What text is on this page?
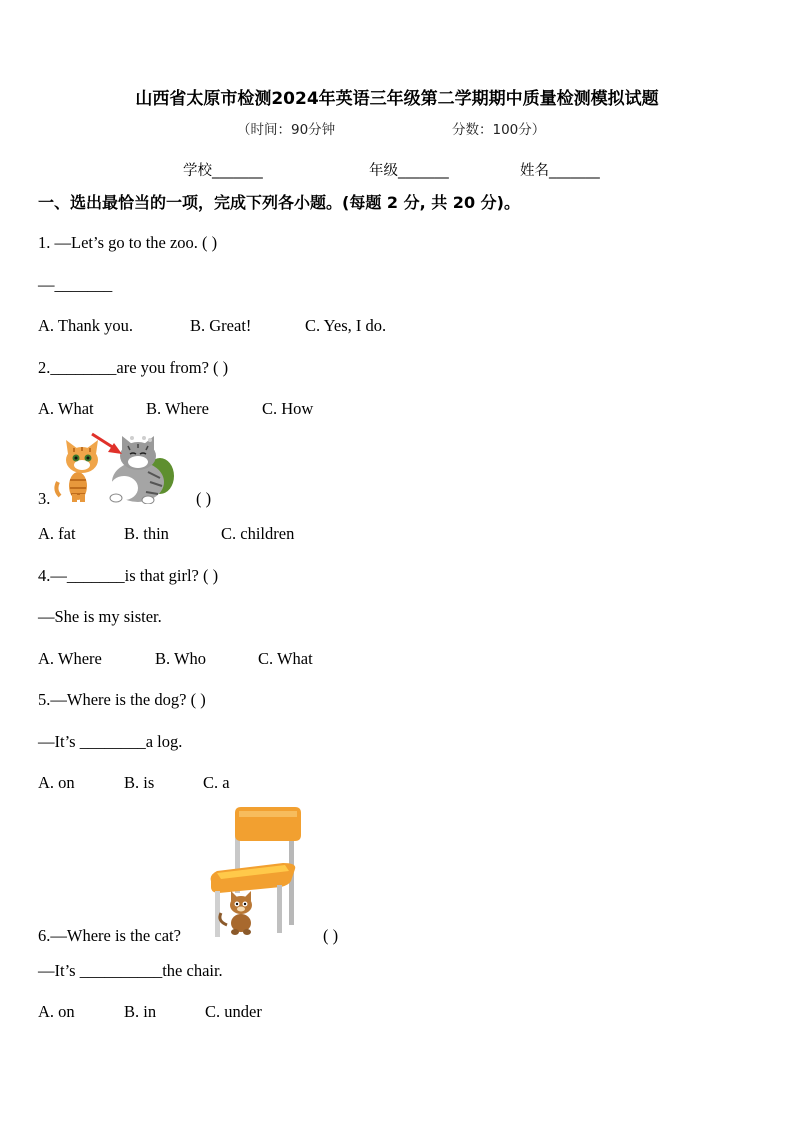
山西省太原市检测2024年英语三年级第二学期期中质量检测模拟试题
（时间：90分钟	分数：100分）
学校_______	年级_______	姓名_______
一、选出最恰当的一项，完成下列各小题。(每题 2 分, 共 20 分)。
1. —Let’s go to the zoo. ( )
—_______
A. Thank you.	B. Great!	C. Yes, I do.
2.________are you from? ( )
A. What	B. Where	C. How
3.	( )
A. fat	B. thin	C. children
4.—_______is that girl? ( )
—She is my sister.
A. Where	B. Who	C. What
5.—Where is the dog? ( )
—It’s ________a log.
A. on	B. is	C. a
6.—Where is the cat?	( )
—It’s __________the chair.
A. on	B. in	C. under
